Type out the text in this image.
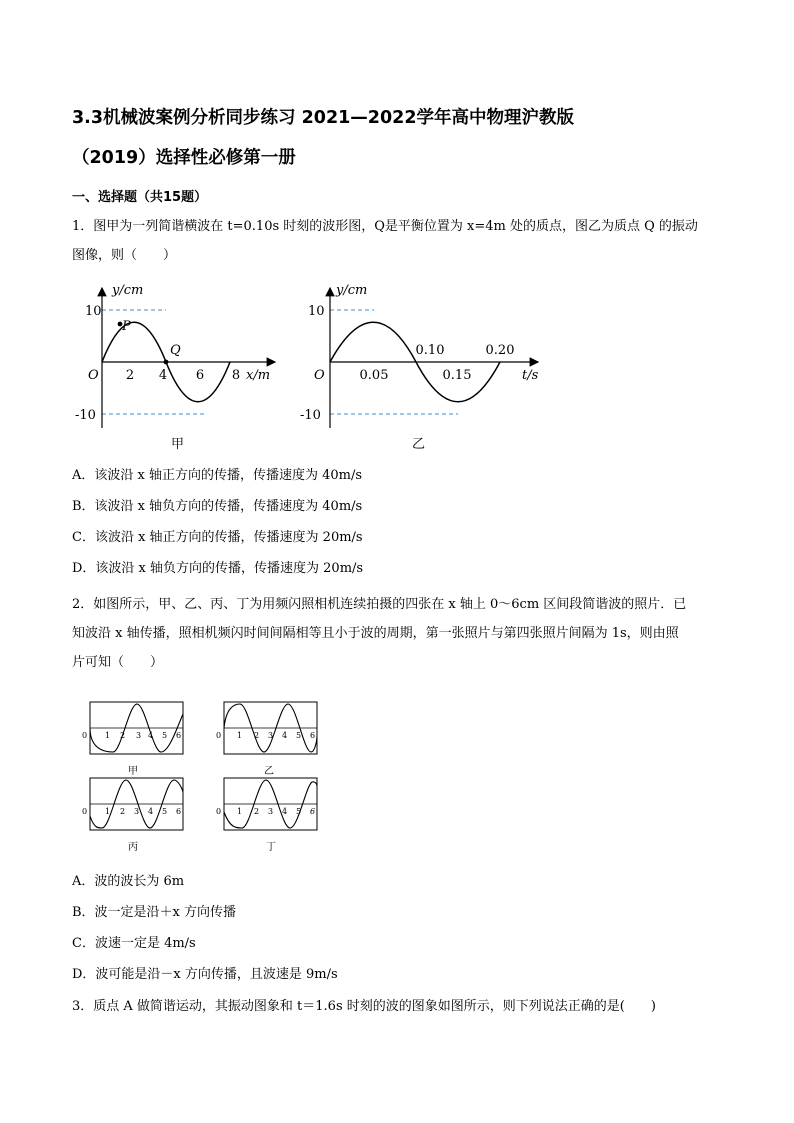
3.3机械波案例分析同步练习 2021—2022学年高中物理沪教版
（2019）选择性必修第一册
一、选择题（共15题）
1．图甲为一列简谐横波在 t=0.10s 时刻的波形图，Q是平衡位置为 x=4m 处的质点，图乙为质点 Q 的振动
图像，则（　　）
y/cm
10
-10
O
P
Q
2 4 6 8 x/m
甲
y/cm
10
-10
O	0.05	0.15
0.10	0.20
t/s
乙
A．该波沿 x 轴正方向的传播，传播速度为 40m/s
B．该波沿 x 轴负方向的传播，传播速度为 40m/s
C．该波沿 x 轴正方向的传播，传播速度为 20m/s
D．该波沿 x 轴负方向的传播，传播速度为 20m/s
2．如图所示，甲、乙、丙、丁为用频闪照相机连续拍摄的四张在 x 轴上 0～6cm 区间段简谐波的照片．已
知波沿 x 轴传播，照相机频闪时间间隔相等且小于波的周期，第一张照片与第四张照片间隔为 1s，则由照
片可知（　　）
0 1 2 3 4 5 6
甲
0 1 2 3 4 5 6
乙
0 1 2 3 4 5 6
丙
0 1 2 3 4 5 6
丁
A．波的波长为 6m
B．波一定是沿＋x 方向传播
C．波速一定是 4m/s
D．波可能是沿－x 方向传播，且波速是 9m/s
3．质点 A 做简谐运动，其振动图象和 t＝1.6s 时刻的波的图象如图所示，则下列说法正确的是(　　)
